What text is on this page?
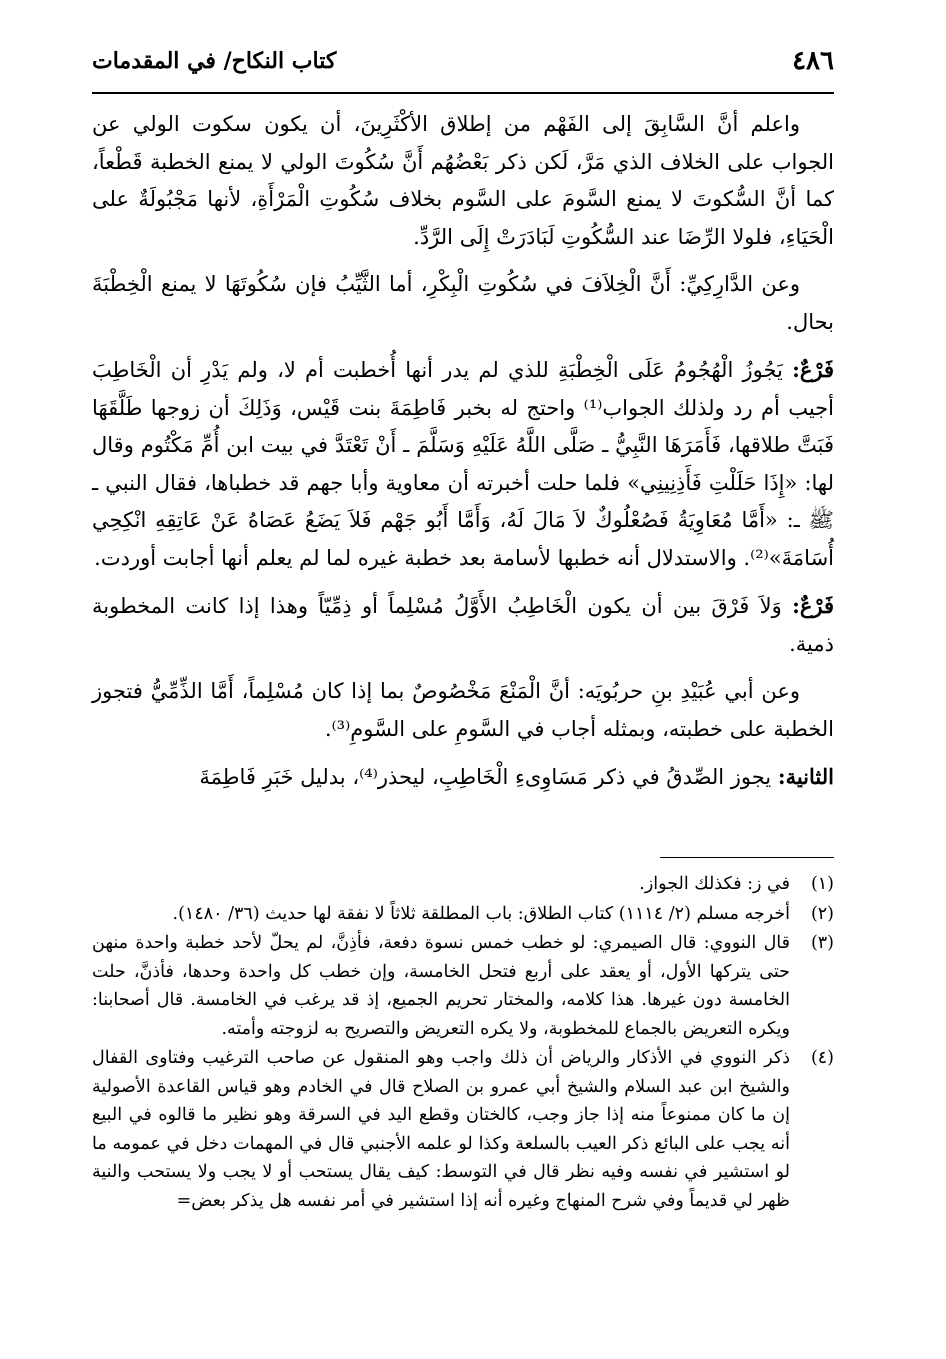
٤٨٦
كتاب النكاح/ في المقدمات

واعلم أنَّ السَّابِقَ إلى الفَهْم من إطلاق الأكْثَرِينَ، أن يكون سكوت الولي عن الجواب على الخلاف الذي مَرَّ، لَكن ذكر بَعْضُهُم أَنَّ سُكُوتَ الولي لا يمنع الخطبة قَطْعاً، كما أنَّ السُّكوتَ لا يمنع السَّومَ على السَّوم بخلاف سُكُوتِ الْمَرْأَةِ، لأنها مَجْبُولَةٌ على الْحَيَاءِ، فلولا الرِّضَا عند السُّكُوتِ لَبَادَرَتْ إِلَى الرَّدِّ.

وعن الدَّارِكِيِّ: أَنَّ الْخِلاَفَ في سُكُوتِ الْبِكْرِ، أما الثَّيِّبُ فإن سُكُوتَهَا لا يمنع الْخِطْبَةَ بحال.

فَرْعٌ: يَجُوزُ الْهُجُومُ عَلَى الْخِطْبَةِ للذي لم يدر أنها أُخطبت أم لا، ولم يَدْرِ أن الْخَاطِبَ أجيب أم رد ولذلك الجواب⁽¹⁾ واحتج له بخبر فَاطِمَةَ بنت قَيْس، وَذَلِكَ أن زوجها طَلَّقَهَا فَبَتَّ طلاقها، فَأَمَرَهَا النَّبِيُّ ـ صَلَّى اللَّهُ عَلَيْهِ وَسَلَّمَ ـ أَنْ تَعْتَدَّ في بيت ابن أُمِّ مَكْتُوم وقال لها: «إِذَا حَلَلْتِ فَأَذِنِينِي» فلما حلت أخبرته أن معاوية وأبا جهم قد خطباها، فقال النبي ـ ﷺ ـ: «أَمَّا مُعَاوِيَةُ فَصُعْلُوكٌ لاَ مَالَ لَهُ، وَأَمَّا أَبُو جَهْم فَلاَ يَضَعُ عَصَاهُ عَنْ عَاتِقِهِ انْكِحِي أُسَامَةَ»⁽²⁾. والاستدلال أنه خطبها لأسامة بعد خطبة غيره لما لم يعلم أنها أجابت أوردت.

فَرْعٌ: وَلاَ فَرْقَ بين أن يكون الْخَاطِبُ الأَوَّلُ مُسْلِماً أو ذِمِّيّاً وهذا إذا كانت المخطوبة ذمية.

وعن أبي عُبَيْدِ بنِ حربُويَه: أنَّ الْمَنْعَ مَخْصُوصٌ بما إذا كان مُسْلِماً، أَمَّا الذِّمِّيُّ فتجوز الخطبة على خطبته، وبمثله أجاب في السَّومِ على السَّومِ⁽³⁾.

الثانية: يجوز الصِّدقُ في ذكر مَسَاوِىءِ الْخَاطِبِ، ليحذر⁽⁴⁾، بدليل خَبَرِ فَاطِمَةَ

(١)
في ز: فكذلك الجواز.
(٢)
أخرجه مسلم (٢/ ١١١٤) كتاب الطلاق: باب المطلقة ثلاثاً لا نفقة لها حديث (٣٦/ ١٤٨٠).
(٣)
قال النووي: قال الصيمري: لو خطب خمس نسوة دفعة، فأذِنَّ، لم يحلّ لأحد خطبة واحدة منهن حتى يتركها الأول، أو يعقد على أربع فتحل الخامسة، وإن خطب كل واحدة وحدها، فأذنَّ، حلت الخامسة دون غيرها. هذا كلامه، والمختار تحريم الجميع، إذ قد يرغب في الخامسة. قال أصحابنا: ويكره التعريض بالجماع للمخطوبة، ولا يكره التعريض والتصريح به لزوجته وأمته.
(٤)
ذكر النووي في الأذكار والرياض أن ذلك واجب وهو المنقول عن صاحب الترغيب وفتاوى القفال والشيخ ابن عبد السلام والشيخ أبي عمرو بن الصلاح قال في الخادم وهو قياس القاعدة الأصولية إن ما كان ممنوعاً منه إذا جاز وجب، كالختان وقطع اليد في السرقة وهو نظير ما قالوه في البيع أنه يجب على البائع ذكر العيب بالسلعة وكذا لو علمه الأجنبي قال في المهمات دخل في عمومه ما لو استشير في نفسه وفيه نظر قال في التوسط: كيف يقال يستحب أو لا يجب ولا يستحب والنية ظهر لي قديماً وفي شرح المنهاج وغيره أنه إذا استشير في أمر نفسه هل يذكر بعض=
